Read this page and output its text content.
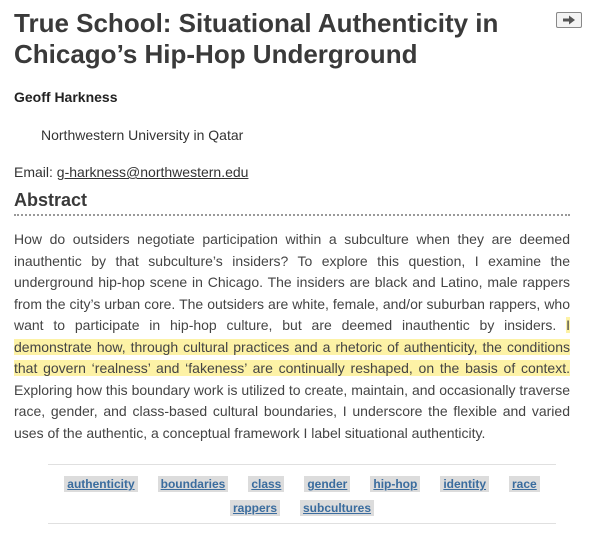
True School: Situational Authenticity in Chicago’s Hip-Hop Underground
Geoff Harkness
Northwestern University in Qatar
Email: g-harkness@northwestern.edu
Abstract
How do outsiders negotiate participation within a subculture when they are deemed inauthentic by that subculture’s insiders? To explore this question, I examine the underground hip-hop scene in Chicago. The insiders are black and Latino, male rappers from the city’s urban core. The outsiders are white, female, and/or suburban rappers, who want to participate in hip-hop culture, but are deemed inauthentic by insiders. I demonstrate how, through cultural practices and a rhetoric of authenticity, the conditions that govern ‘realness’ and ‘fakeness’ are continually reshaped, on the basis of context. Exploring how this boundary work is utilized to create, maintain, and occasionally traverse race, gender, and class-based cultural boundaries, I underscore the flexible and varied uses of the authentic, a conceptual framework I label situational authenticity.
authenticity boundaries class gender hip-hop identity race
rappers subcultures
